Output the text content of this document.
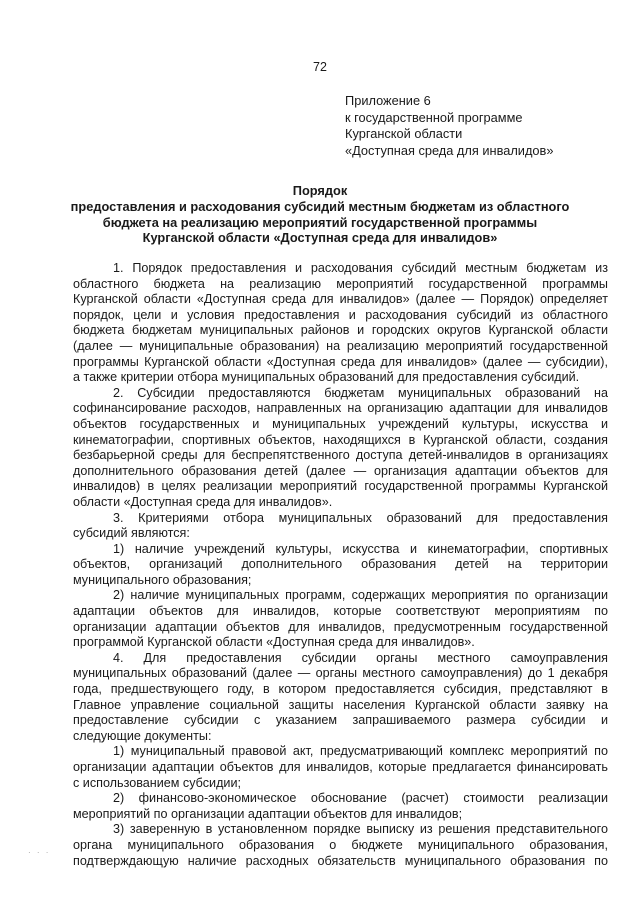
72
Приложение 6
к государственной программе
Курганской области
«Доступная среда для инвалидов»
Порядок
предоставления и расходования субсидий местным бюджетам из областного
бюджета на реализацию мероприятий государственной программы
Курганской области «Доступная среда для инвалидов»
1. Порядок предоставления и расходования субсидий местным бюджетам из
областного бюджета на реализацию мероприятий государственной программы
Курганской области «Доступная среда для инвалидов» (далее — Порядок) определяет
порядок, цели и условия предоставления и расходования субсидий из областного
бюджета бюджетам муниципальных районов и городских округов Курганской области
(далее — муниципальные образования) на реализацию мероприятий государственной
программы Курганской области «Доступная среда для инвалидов» (далее — субсидии),
а также критерии отбора муниципальных образований для предоставления субсидий.
2. Субсидии предоставляются бюджетам муниципальных образований на
софинансирование расходов, направленных на организацию адаптации для инвалидов
объектов государственных и муниципальных учреждений культуры, искусства и
кинематографии, спортивных объектов, находящихся в Курганской области, создания
безбарьерной среды для беспрепятственного доступа детей-инвалидов в организациях
дополнительного образования детей (далее — организация адаптации объектов для
инвалидов) в целях реализации мероприятий государственной программы Курганской
области «Доступная среда для инвалидов».
3. Критериями отбора муниципальных образований для предоставления
субсидий являются:
1) наличие учреждений культуры, искусства и кинематографии, спортивных
объектов, организаций дополнительного образования детей на территории
муниципального образования;
2) наличие муниципальных программ, содержащих мероприятия по организации
адаптации объектов для инвалидов, которые соответствуют мероприятиям по
организации адаптации объектов для инвалидов, предусмотренным государственной
программой Курганской области «Доступная среда для инвалидов».
4. Для предоставления субсидии органы местного самоуправления
муниципальных образований (далее — органы местного самоуправления) до 1 декабря
года, предшествующего году, в котором предоставляется субсидия, представляют в
Главное управление социальной защиты населения Курганской области заявку на
предоставление субсидии с указанием запрашиваемого размера субсидии и
следующие документы:
1) муниципальный правовой акт, предусматривающий комплекс мероприятий по
организации адаптации объектов для инвалидов, которые предлагается финансировать
с использованием субсидии;
2) финансово-экономическое обоснование (расчет) стоимости реализации
мероприятий по организации адаптации объектов для инвалидов;
3) заверенную в установленном порядке выписку из решения представительного
органа муниципального образования о бюджете муниципального образования,
подтверждающую наличие расходных обязательств муниципального образования по
· · ·
